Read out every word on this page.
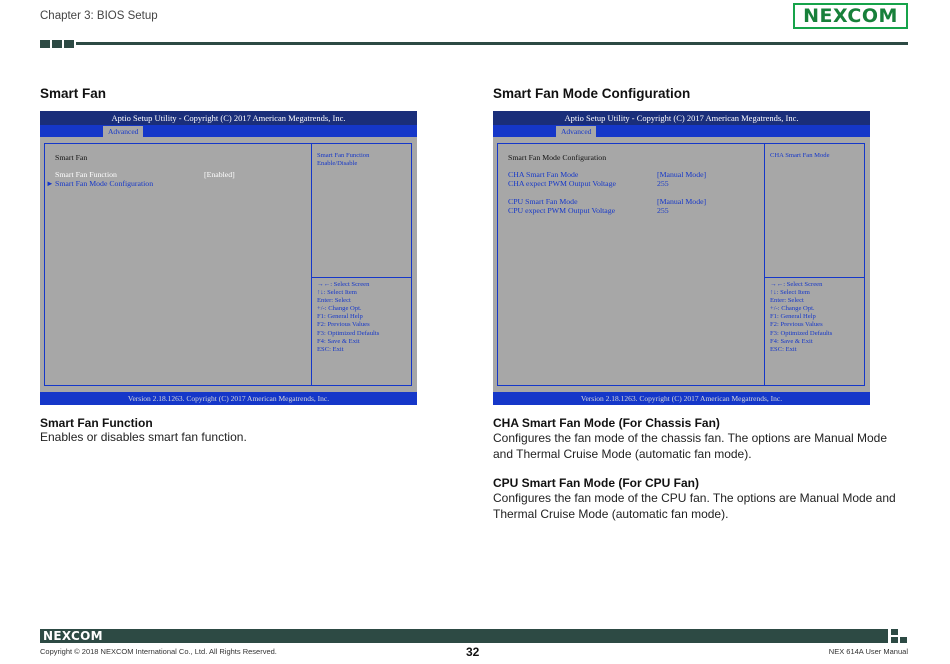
Chapter 3: BIOS Setup	NEXCOM
Smart Fan
Aptio Setup Utility - Copyright (C) 2017 American Megatrends, Inc.
Advanced
Smart Fan
Smart Fan Function	[Enabled]
► Smart Fan Mode Configuration
Smart Fan Function
Enable/Disable
→←: Select Screen
↑↓: Select Item
Enter: Select
+/-: Change Opt.
F1: General Help
F2: Previous Values
F3: Optimized Defaults
F4: Save & Exit
ESC: Exit
Version 2.18.1263. Copyright (C) 2017 American Megatrends, Inc.
Smart Fan Function
Enables or disables smart fan function.
Smart Fan Mode Configuration
Aptio Setup Utility - Copyright (C) 2017 American Megatrends, Inc.
Advanced
Smart Fan Mode Configuration
CHA Smart Fan Mode	[Manual Mode]
CHA expect PWM Output Voltage	255
CPU Smart Fan Mode	[Manual Mode]
CPU expect PWM Output Voltage	255
CHA Smart Fan Mode
→←: Select Screen
↑↓: Select Item
Enter: Select
+/-: Change Opt.
F1: General Help
F2: Previous Values
F3: Optimized Defaults
F4: Save & Exit
ESC: Exit
Version 2.18.1263. Copyright (C) 2017 American Megatrends, Inc.
CHA Smart Fan Mode (For Chassis Fan)
Configures the fan mode of the chassis fan. The options are Manual Mode
and Thermal Cruise Mode (automatic fan mode).
CPU Smart Fan Mode (For CPU Fan)
Configures the fan mode of the CPU fan. The options are Manual Mode and
Thermal Cruise Mode (automatic fan mode).
NEXCOM
Copyright © 2018 NEXCOM International Co., Ltd. All Rights Reserved.	32	NEX 614A User Manual
